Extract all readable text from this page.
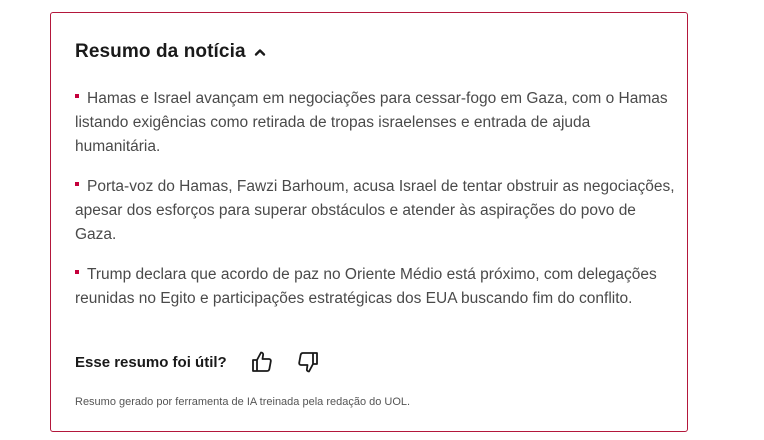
Resumo da notícia
Hamas e Israel avançam em negociações para cessar-fogo em Gaza, com o Hamas listando exigências como retirada de tropas israelenses e entrada de ajuda humanitária.
Porta-voz do Hamas, Fawzi Barhoum, acusa Israel de tentar obstruir as negociações, apesar dos esforços para superar obstáculos e atender às aspirações do povo de Gaza.
Trump declara que acordo de paz no Oriente Médio está próximo, com delegações reunidas no Egito e participações estratégicas dos EUA buscando fim do conflito.
Esse resumo foi útil?
Resumo gerado por ferramenta de IA treinada pela redação do UOL.
